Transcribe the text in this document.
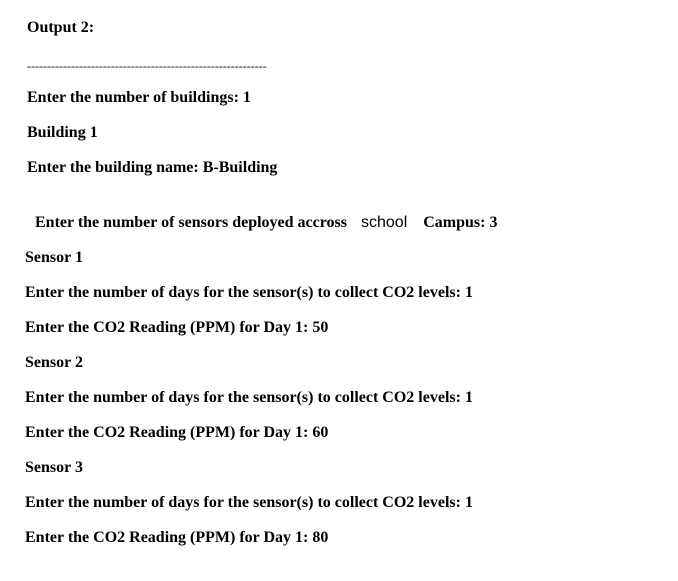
Output 2:
------------------------------------------------------------
Enter the number of buildings: 1
Building 1
Enter the building name: B-Building

Enter the number of sensors deployed accross school Campus: 3

Sensor 1
Enter the number of days for the sensor(s) to collect CO2 levels: 1
Enter the CO2 Reading (PPM) for Day 1: 50
Sensor 2
Enter the number of days for the sensor(s) to collect CO2 levels: 1
Enter the CO2 Reading (PPM) for Day 1: 60
Sensor 3
Enter the number of days for the sensor(s) to collect CO2 levels: 1
Enter the CO2 Reading (PPM) for Day 1: 80
